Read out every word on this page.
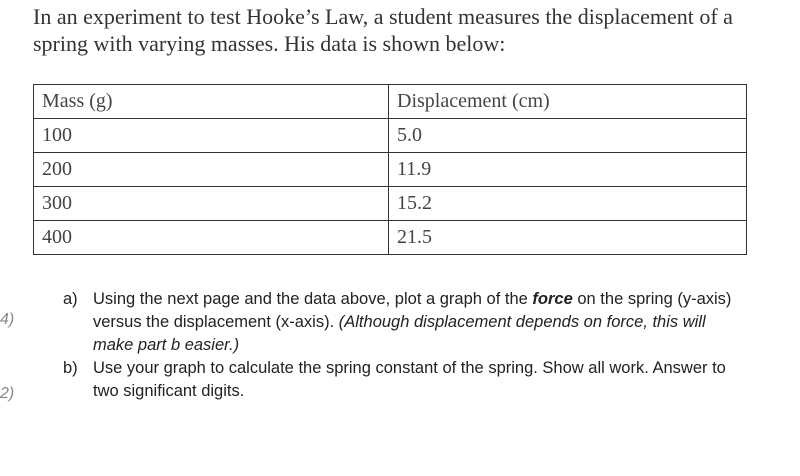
In an experiment to test Hooke’s Law, a student measures the displacement of a spring with varying masses. His data is shown below:

Mass (g)	Displacement (cm)
100	5.0
200	11.9
300	15.2
400	21.5
4)
2)
a) Using the next page and the data above, plot a graph of the force on the spring (y-axis) versus the displacement (x-axis). (Although displacement depends on force, this will make part b easier.)
b) Use your graph to calculate the spring constant of the spring. Show all work. Answer to two significant digits.
